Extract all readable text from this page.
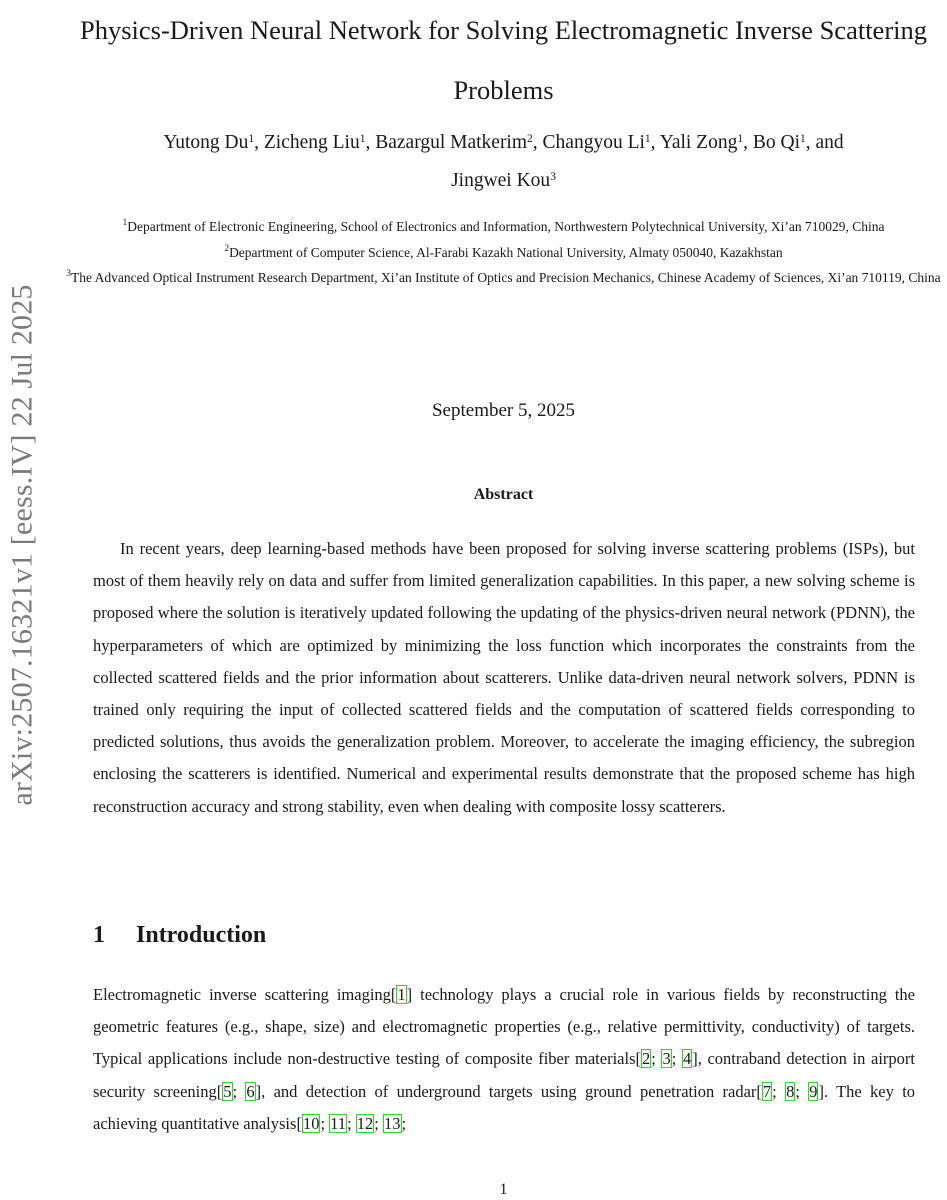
arXiv:2507.16321v1 [eess.IV] 22 Jul 2025
Physics-Driven Neural Network for Solving Electromagnetic Inverse Scattering Problems
Yutong Du$^1$, Zicheng Liu$^1$, Bazargul Matkerim$^2$, Changyou Li$^1$, Yali Zong$^1$, Bo Qi$^1$, and
Jingwei Kou$^3$
$^1$Department of Electronic Engineering, School of Electronics and Information, Northwestern Polytechnical University, Xi’an 710029, China
$^2$Department of Computer Science, Al-Farabi Kazakh National University, Almaty 050040, Kazakhstan
$^3$The Advanced Optical Instrument Research Department, Xi’an Institute of Optics and Precision Mechanics, Chinese Academy of Sciences, Xi’an 710119, China
September 5, 2025
Abstract

In recent years, deep learning-based methods have been proposed for solving inverse scattering problems (ISPs), but most of them heavily rely on data and suffer from limited generalization capabilities. In this paper, a new solving scheme is proposed where the solution is iteratively updated following the updating of the physics-driven neural network (PDNN), the hyperparameters of which are optimized by minimizing the loss function which incorporates the constraints from the collected scattered fields and the prior information about scatterers. Unlike data-driven neural network solvers, PDNN is trained only requiring the input of collected scattered fields and the computation of scattered fields corresponding to predicted solutions, thus avoids the generalization problem. Moreover, to accelerate the imaging efficiency, the subregion enclosing the scatterers is identified. Numerical and experimental results demonstrate that the proposed scheme has high reconstruction accuracy and strong stability, even when dealing with composite lossy scatterers.

1 Introduction

Electromagnetic inverse scattering imaging[1] technology plays a crucial role in various fields by reconstructing the geometric features (e.g., shape, size) and electromagnetic properties (e.g., relative permittivity, conductivity) of targets. Typical applications include non-destructive testing of composite fiber materials[2; 3; 4], contraband detection in airport security screening[5; 6], and detection of underground targets using ground penetration radar[7; 8; 9]. The key to achieving quantitative analysis[10; 11; 12; 13;

1
